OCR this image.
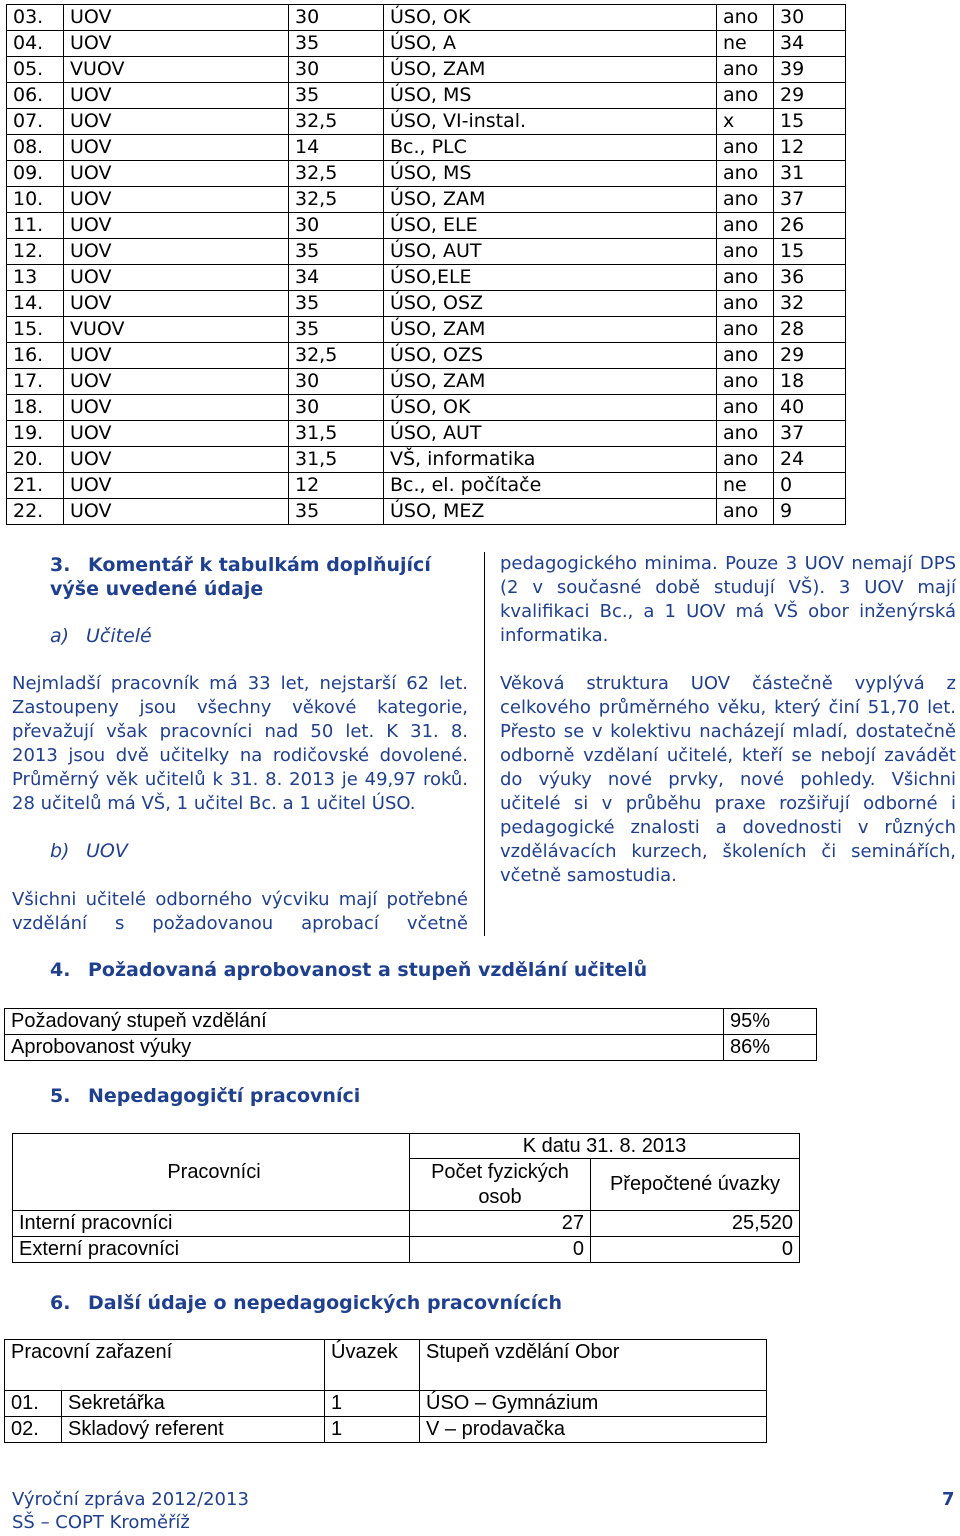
03.	UOV	30	ÚSO, OK	ano	30
04.	UOV	35	ÚSO, A	ne	34
05.	VUOV	30	ÚSO, ZAM	ano	39
06.	UOV	35	ÚSO, MS	ano	29
07.	UOV	32,5	ÚSO, VI-instal.	x	15
08.	UOV	14	Bc., PLC	ano	12
09.	UOV	32,5	ÚSO, MS	ano	31
10.	UOV	32,5	ÚSO, ZAM	ano	37
11.	UOV	30	ÚSO, ELE	ano	26
12.	UOV	35	ÚSO, AUT	ano	15
13	UOV	34	ÚSO,ELE	ano	36
14.	UOV	35	ÚSO, OSZ	ano	32
15.	VUOV	35	ÚSO, ZAM	ano	28
16.	UOV	32,5	ÚSO, OZS	ano	29
17.	UOV	30	ÚSO, ZAM	ano	18
18.	UOV	30	ÚSO, OK	ano	40
19.	UOV	31,5	ÚSO, AUT	ano	37
20.	UOV	31,5	VŠ, informatika	ano	24
21.	UOV	12	Bc., el. počítače	ne	0
22.	UOV	35	ÚSO, MEZ	ano	9
3. Komentář k tabulkám doplňující výše uvedené údaje
a) Učitelé

Nejmladší pracovník má 33 let, nejstarší 62 let. Zastoupeny jsou všechny věkové kategorie, převažují však pracovníci nad 50 let. K 31. 8. 2013 jsou dvě učitelky na rodičovské dovolené. Průměrný věk učitelů k 31. 8. 2013 je 49,97 roků. 28 učitelů má VŠ, 1 učitel Bc. a 1 učitel ÚSO.

b) UOV

Všichni učitelé odborného výcviku mají potřebné vzdělání s požadovanou aprobací včetně

pedagogického minima. Pouze 3 UOV nemají DPS (2 v současné době studují VŠ). 3 UOV mají kvalifikaci Bc., a 1 UOV má VŠ obor inženýrská informatika.

Věková struktura UOV částečně vyplývá z celkového průměrného věku, který činí 51,70 let. Přesto se v kolektivu nacházejí mladí, dostatečně odborně vzdělaní učitelé, kteří se nebojí zavádět do výuky nové prvky, nové pohledy. Všichni učitelé si v průběhu praxe rozšiřují odborné i pedagogické znalosti a dovednosti v různých vzdělávacích kurzech, školeních či seminářích, včetně samostudia.

4. Požadovaná aprobovanost a stupeň vzdělání učitelů
Požadovaný stupeň vzdělání	95%
Aprobovanost výuky	86%
5. Nepedagogičtí pracovníci
Pracovníci	K datu 31. 8. 2013	
	Počet fyzických osob	Přepočtené úvazky
Interní pracovníci	27	25,520
Externí pracovníci	0	0
6. Další údaje o nepedagogických pracovnících
Pracovní zařazení		Úvazek	Stupeň vzdělání Obor
01.	Sekretářka	1	ÚSO – Gymnázium
02.	Skladový referent	1	V – prodavačka
Výroční zpráva 2012/2013
SŠ – COPT Kroměříž
7
